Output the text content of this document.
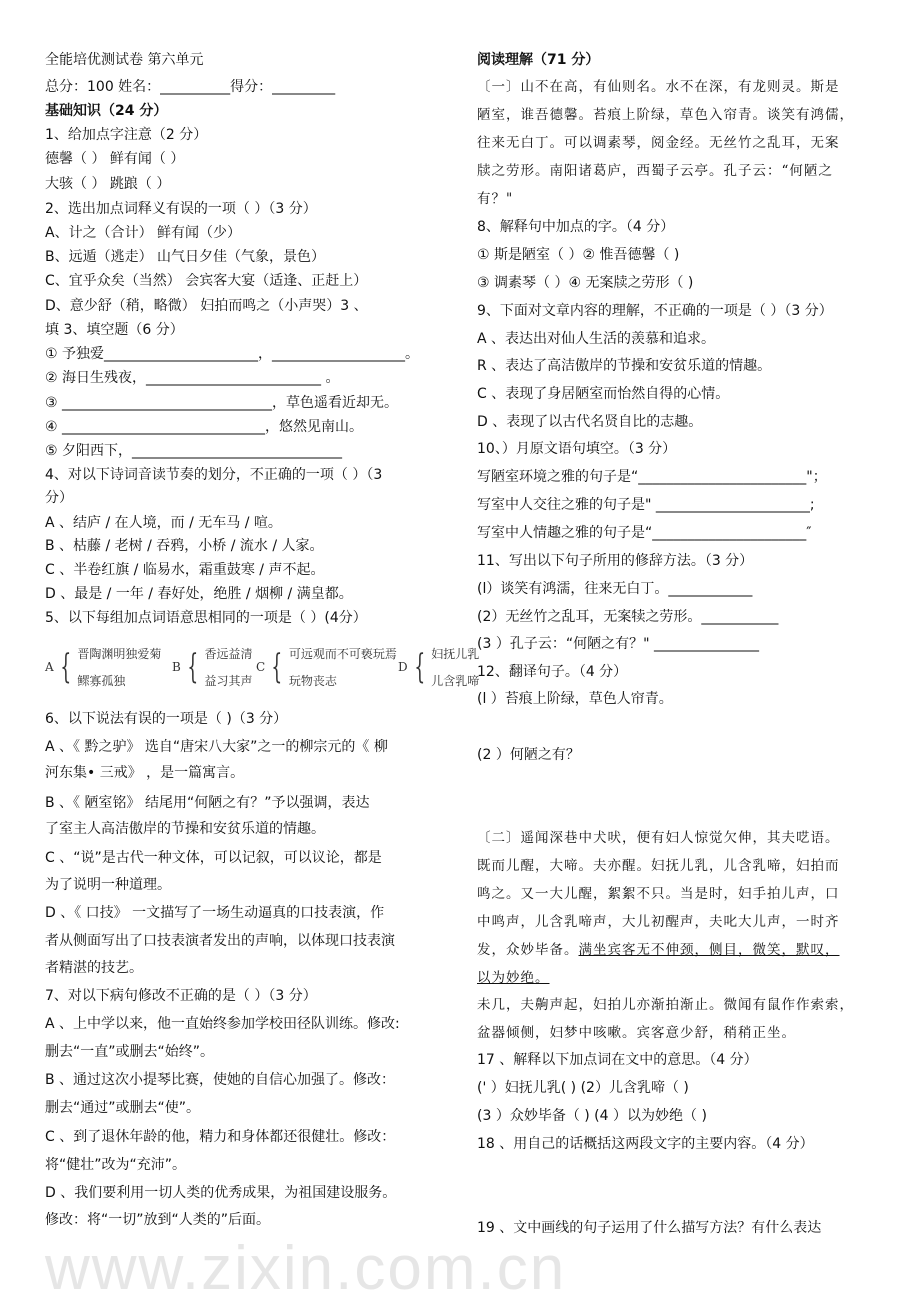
www.zixin.com.cn
全能培优测试卷 第六单元
总分：100 姓名：__________得分：_________
基础知识（24 分）
1、给加点字注意（2 分）
德馨（ ） 鲜有闻（ ）
大骇（ ） 跳踉（ ）
2、选出加点词释义有误的一项（ ）（3 分）
A、计之（合计） 鲜有闻（少）
B、远遁（逃走） 山气日夕佳（气象，景色）
C、宜乎众矣（当然） 会宾客大宴（适逢、正赶上）
D、意少舒（稍，略微） 妇拍而鸣之（小声哭）3 、
填 3、填空题（6 分）
① 予独爱______________________，___________________。
② 海日生残夜，_________________________ 。
③ ______________________________，草色遥看近却无。
④ _____________________________，悠然见南山。
⑤ 夕阳西下，______________________________
4、对以下诗词音读节奏的划分，不正确的一项（ ）（3
分）
A 、结庐 / 在人境，而 / 无车马 / 喧。
B 、枯藤 / 老树 / 吞鸦，小桥 / 流水 / 人家。
C 、半卷红旗 / 临易水，霜重鼓寒 / 声不起。
D 、最是 / 一年 / 春好处，绝胜 / 烟柳 / 满皇都。
5、以下每组加点词语意思相同的一项是（ ）(4分）
6、以下说法有误的一项是（ )（3 分）
A 、《 黔之驴》 选自“唐宋八大家”之一的柳宗元的《 柳
河东集• 三戒》 ，是一篇寓言。
B 、《 陋室铭》 结尾用“何陋之有？”予以强调，表达
了室主人高洁傲岸的节操和安贫乐道的情趣。
C 、“说”是古代一种文体，可以记叙，可以议论，都是
为了说明一种道理。
D 、《 口技》 一文描写了一场生动逼真的口技表演，作
者从侧面写出了口技表演者发出的声响，以体现口技表演
者精湛的技艺。
7、对以下病句修改不正确的是（ ）（3 分）
A 、上中学以来，他一直始终参加学校田径队训练。修改:
删去“一直”或删去“始终”。
B 、通过这次小提琴比赛，使她的自信心加强了。修改：
删去“通过”或删去“使”。
C 、到了退休年龄的他，精力和身体都还很健壮。修改：
将“健壮”改为“充沛”。
D 、我们要利用一切人类的优秀成果，为祖国建设服务。
修改：将“一切”放到“人类的”后面。
A { 晋陶渊明独爱菊
鳏寡孤独
B { 香远益清
益习其声
C { 可远观而不可亵玩焉
玩物丧志
D { 妇抚儿乳
儿含乳啼
阅读理解（71 分）
〔一〕山不在高，有仙则名。水不在深，有龙则灵。斯是
陋室，谁吾德馨。苔痕上阶绿，草色入帘青。谈笑有鸿儒，
往来无白丁。可以调素琴，阅金经。无丝竹之乱耳，无案
牍之劳形。南阳诸葛庐，西蜀子云亭。孔子云：“何陋之
有？"
8、解释句中加点的字。（4 分）
① 斯是陋室（ ）② 惟吾德馨（ )
③ 调素琴（ ）④ 无案牍之劳形（ )
9、下面对文章内容的理解，不正确的一项是（ ）（3 分）
A 、表达出对仙人生活的羡慕和追求。
R 、表达了高洁傲岸的节操和安贫乐道的情趣。
C 、表现了身居陋室而怡然自得的心情。
D 、表现了以古代名贤自比的志趣。
10、）月原文语句填空。（3 分）
写陋室环境之雅的句子是“________________________"；
写室中人交往之雅的句子是" ______________________;
写室中人情趣之雅的句子是“______________________″
11、写出以下句子所用的修辞方法。（3 分）
(l）谈笑有鸿濡，往来无白丁。____________
(2）无丝竹之乱耳，无案犊之劳形。___________
(3 ）孔子云：“何陋之有？" _______________
12、翻译句子。（4 分）
(l ）苔痕上阶绿，草色人帘青。
(2 ）何陋之有？
〔二〕遥闻深巷中犬吠，便有妇人惊觉欠伸，其夫呓语。
既而儿醒，大啼。夫亦醒。妇抚儿乳，儿含乳啼，妇拍而
鸣之。又一大儿醒，絮絮不只。当是时，妇手拍儿声，口
中鸣声，儿含乳啼声，大儿初醒声，夫叱大儿声，一时齐
发，众妙毕备。满坐宾客无不伸颈，侧目，微笑，默叹，
以为妙绝。
未几，夫齁声起，妇拍儿亦渐拍渐止。微闻有鼠作作索索，
盆器倾侧，妇梦中咳嗽。宾客意少舒，稍稍正坐。
17 、解释以下加点词在文中的意思。（4 分）
(' ）妇抚儿乳( ) (2）儿含乳啼（ )
(3 ）众妙毕备（ ) (4 ）以为妙绝（ )
18 、用自己的话概括这两段文字的主要内容。（4 分）
19 、文中画线的句子运用了什么描写方法？有什么表达
